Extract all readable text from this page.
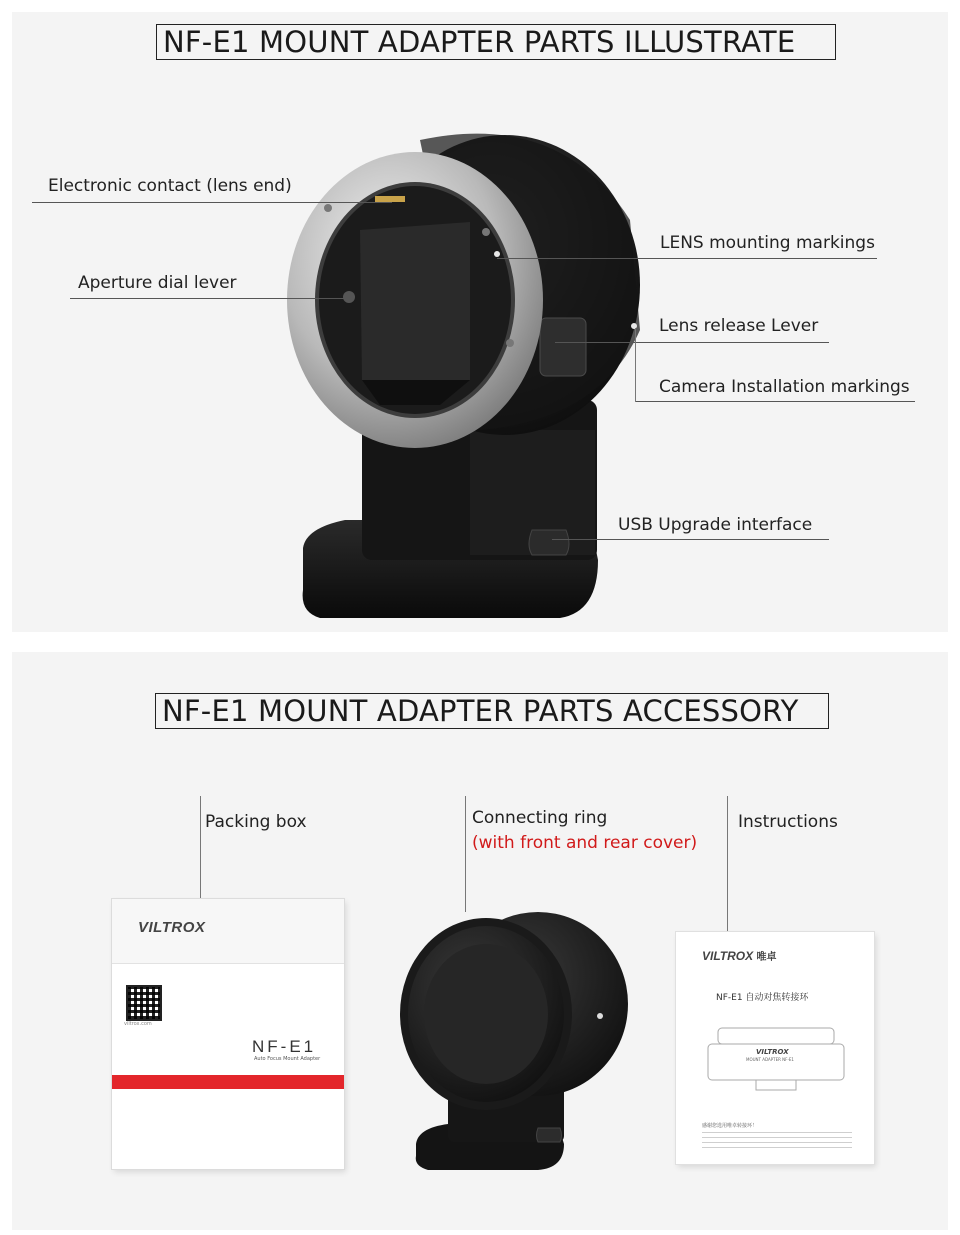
NF-E1 MOUNT ADAPTER PARTS ILLUSTRATE
Electronic contact (lens end)
Aperture dial lever
LENS mounting markings
Lens release Lever
Camera Installation markings
USB Upgrade interface
NF-E1 MOUNT ADAPTER PARTS ACCESSORY
Packing box	Connecting ring
(with front and rear cover)
Instructions
VILTROX
viltrox.com
NF-E1
Auto Focus Mount Adapter
VILTROX 唯卓
NF-E1 自动对焦转接环
VILTROX
MOUNT ADAPTER NF-E1
感谢您选用唯卓转接环！
